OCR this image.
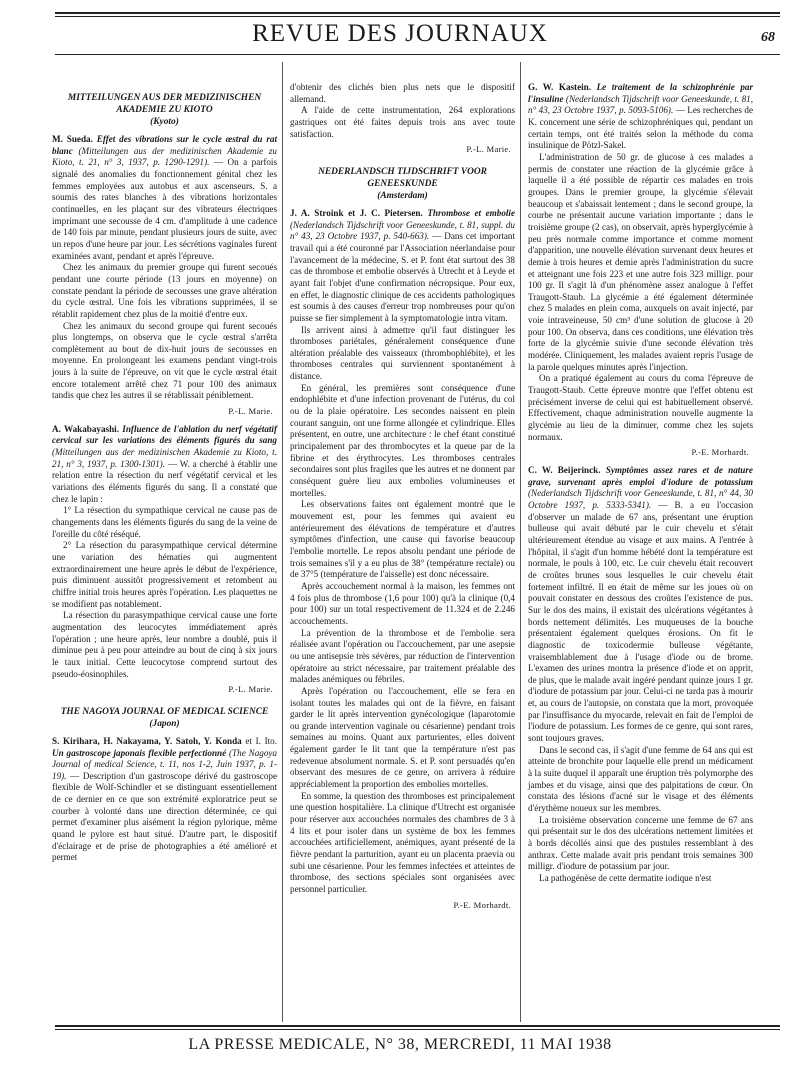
REVUE DES JOURNAUX	68
MITTEILUNGEN AUS DER MEDIZINISCHEN AKADEMIE ZU KIOTO
(Kyoto)

M. Sueda. Effet des vibrations sur le cycle œstral du rat blanc (Mitteilungen aus der medizinischen Akademie zu Kioto, t. 21, n° 3, 1937, p. 1290-1291). — On a parfois signalé des anomalies du fonctionnement génital chez les femmes employées aux autobus et aux ascenseurs. S. a soumis des rates blanches à des vibrations horizontales continuelles, en les plaçant sur des vibrateurs électriques imprimant une secousse de 4 cm. d'amplitude à une cadence de 140 fois par minute, pendant plusieurs jours de suite, avec un repos d'une heure par jour. Les sécrétions vaginales furent examinées avant, pendant et après l'épreuve.

Chez les animaux du premier groupe qui furent secoués pendant une courte période (13 jours en moyenne) on constate pendant la période de secousses une grave altération du cycle œstral. Une fois les vibrations supprimées, il se rétablit rapidement chez plus de la moitié d'entre eux.

Chez les animaux du second groupe qui furent secoués plus longtemps, on observa que le cycle œstral s'arrêta complètement au bout de dix-huit jours de secousses en moyenne. En prolongeant les examens pendant vingt-trois jours à la suite de l'épreuve, on vit que le cycle œstral était encore totalement arrêté chez 71 pour 100 des animaux tandis que chez les autres il se rétablissait péniblement.

P.-L. Marie.

A. Wakabayashi. Influence de l'ablation du nerf végétatif cervical sur les variations des éléments figurés du sang (Mitteilungen aus der medizinischen Akademie zu Kioto, t. 21, n° 3, 1937, p. 1300-1301). — W. a cherché à établir une relation entre la résection du nerf végétatif cervical et les variations des éléments figurés du sang. Il a constaté que chez le lapin :

1° La résection du sympathique cervical ne cause pas de changements dans les éléments figurés du sang de la veine de l'oreille du côté réséqué.

2° La résection du parasympathique cervical détermine une variation des hématies qui augmentent extraordinairement une heure après le début de l'expérience, puis diminuent aussitôt progressivement et retombent au chiffre initial trois heures après l'opération. Les plaquettes ne se modifient pas notablement.

La résection du parasympathique cervical cause une forte augmentation des leucocytes immédiatement après l'opération ; une heure après, leur nombre a doublé, puis il diminue peu à peu pour atteindre au bout de cinq à six jours le taux initial. Cette leucocytose comprend surtout des pseudo-éosinophiles.

P.-L. Marie.
THE NAGOYA JOURNAL OF MEDICAL SCIENCE
(Japon)

S. Kirihara, H. Nakayama, Y. Satoh, Y. Konda et I. Ito. Un gastroscope japonais flexible perfectionné (The Nagoya Journal of medical Science, t. 11, nos 1-2, Juin 1937, p. 1-19). — Description d'un gastroscope dérivé du gastroscope flexible de Wolf-Schindler et se distinguant essentiellement de ce dernier en ce que son extrémité exploratrice peut se courber à volonté dans une direction déterminée, ce qui permet d'examiner plus aisément la région pylorique, même quand le pylore est haut situé. D'autre part, le dispositif d'éclairage et de prise de photographies a été amélioré et permet

d'obtenir des clichés bien plus nets que le dispositif allemand.

A l'aide de cette instrumentation, 264 explorations gastriques ont été faites depuis trois ans avec toute satisfaction.

P.-L. Marie.
NEDERLANDSCH TIJDSCHRIFT VOOR GENEESKUNDE
(Amsterdam)

J. A. Stroink et J. C. Pietersen. Thrombose et embolie (Nederlandsch Tijdschrift voor Geneeskunde, t. 81, suppl. du n° 43, 23 Octobre 1937, p. 540-663). — Dans cet important travail qui a été couronné par l'Association néerlandaise pour l'avancement de la médecine, S. et P. font état surtout des 38 cas de thrombose et embolie observés à Utrecht et à Leyde et ayant fait l'objet d'une confirmation nécropsique. Pour eux, en effet, le diagnostic clinique de ces accidents pathologiques est soumis à des causes d'erreur trop nombreuses pour qu'on puisse se fier simplement à la symptomatologie intra vitam.

Ils arrivent ainsi à admettre qu'il faut distinguer les thromboses pariétales, généralement conséquence d'une altération préalable des vaisseaux (thrombophlébite), et les thromboses centrales qui surviennent spontanément à distance.

En général, les premières sont conséquence d'une endophlébite et d'une infection provenant de l'utérus, du col ou de la plaie opératoire. Les secondes naissent en plein courant sanguin, ont une forme allongée et cylindrique. Elles présentent, en outre, une architecture : le chef étant constitué principalement par des thrombocytes et la queue par de la fibrine et des érythrocytes. Les thromboses centrales secondaires sont plus fragiles que les autres et ne donnent par conséquent guère lieu aux embolies volumineuses et mortelles.

Les observations faites ont également montré que le mouvement est, pour les femmes qui avaient eu antérieurement des élévations de température et d'autres symptômes d'infection, une cause qui favorise beaucoup l'embolie mortelle. Le repos absolu pendant une période de trois semaines s'il y a eu plus de 38° (température rectale) ou de 37°5 (température de l'aisselle) est donc nécessaire.

Après accouchement normal à la maison, les femmes ont 4 fois plus de thrombose (1,6 pour 100) qu'à la clinique (0,4 pour 100) sur un total respectivement de 11.324 et de 2.246 accouchements.

La prévention de la thrombose et de l'embolie sera réalisée avant l'opération ou l'accouchement, par une asepsie ou une antisepsie très sévères, par réduction de l'intervention opératoire au strict nécessaire, par traitement préalable des malades anémiques ou fébriles.

Après l'opération ou l'accouchement, elle se fera en isolant toutes les malades qui ont de la fièvre, en faisant garder le lit après intervention gynécologique (laparotomie ou grande intervention vaginale ou césarienne) pendant trois semaines au moins. Quant aux parturientes, elles doivent également garder le lit tant que la température n'est pas redevenue absolument normale. S. et P. sont persuadés qu'en observant des mesures de ce genre, on arrivera à réduire appréciablement la proportion des embolies mortelles.

En somme, la question des thromboses est principalement une question hospitalière. La clinique d'Utrecht est organisée pour réserver aux accouchées normales des chambres de 3 à 4 lits et pour isoler dans un système de box les femmes accouchées artificiellement, anémiques, ayant présenté de la fièvre pendant la parturition, ayant eu un placenta praevia ou subi une césarienne. Pour les femmes infectées et atteintes de thrombose, des sections spéciales sont organisées avec personnel particulier.

P.-E. Morhardt.

G. W. Kastein. Le traitement de la schizophrénie par l'insuline (Nederlandsch Tijdschrift voor Geneeskunde, t. 81, n° 43, 23 Octobre 1937, p. 5093-5106). — Les recherches de K. concernent une série de schizophréniques qui, pendant un certain temps, ont été traités selon la méthode du coma insulinique de Pötzl-Sakel.

L'administration de 50 gr. de glucose à ces malades a permis de constater une réaction de la glycémie grâce à laquelle il a été possible de répartir ces malades en trois groupes. Dans le premier groupe, la glycémie s'élevait beaucoup et s'abaissait lentement ; dans le second groupe, la courbe ne présentait aucune variation importante ; dans le troisième groupe (2 cas), on observait, après hyperglycémie à peu près normale comme importance et comme moment d'apparition, une nouvelle élévation survenant deux heures et demie à trois heures et demie après l'administration du sucre et atteignant une fois 223 et une autre fois 323 milligr. pour 100 gr. Il s'agit là d'un phénomène assez analogue à l'effet Traugott-Staub. La glycémie a été également déterminée chez 5 malades en plein coma, auxquels on avait injecté, par voie intraveineuse, 50 cm³ d'une solution de glucose à 20 pour 100. On observa, dans ces conditions, une élévation très forte de la glycémie suivie d'une seconde élévation très modérée. Cliniquement, les malades avaient repris l'usage de la parole quelques minutes après l'injection.

On a pratiqué également au cours du coma l'épreuve de Traugott-Staub. Cette épreuve montre que l'effet obtenu est précisément inverse de celui qui est habituellement observé. Effectivement, chaque administration nouvelle augmente la glycémie au lieu de la diminuer, comme chez les sujets normaux.

P.-E. Morhardt.

C. W. Beijerinck. Symptômes assez rares et de nature grave, survenant après emploi d'iodure de potassium (Nederlandsch Tijdschrift voor Geneeskunde, t. 81, n° 44, 30 Octobre 1937, p. 5333-5341). — B. a eu l'occasion d'observer un malade de 67 ans, présentant une éruption bulleuse qui avait débuté par le cuir chevelu et s'était ultérieurement étendue au visage et aux mains. A l'entrée à l'hôpital, il s'agit d'un homme hébété dont la température est normale, le pouls à 100, etc. Le cuir chevelu était recouvert de croûtes brunes sous lesquelles le cuir chevelu était fortement infiltré. Il en était de même sur les joues où on pouvait constater en dessous des croûtes l'existence de pus. Sur le dos des mains, il existait des ulcérations végétantes à bords nettement délimités. Les muqueuses de la bouche présentaient également quelques érosions. On fit le diagnostic de toxicodermie bulleuse végétante, vraisemblablement due à l'usage d'iode ou de brome. L'examen des urines montra la présence d'iode et on apprit, de plus, que le malade avait ingéré pendant quinze jours 1 gr. d'iodure de potassium par jour. Celui-ci ne tarda pas à mourir et, au cours de l'autopsie, on constata que la mort, provoquée par l'insuffisance du myocarde, relevait en fait de l'emploi de l'iodure de potassium. Les formes de ce genre, qui sont rares, sont toujours graves.

Dans le second cas, il s'agit d'une femme de 64 ans qui est atteinte de bronchite pour laquelle elle prend un médicament à la suite duquel il apparaît une éruption très polymorphe des jambes et du visage, ainsi que des palpitations de cœur. On constata des lésions d'acné sur le visage et des éléments d'érythème noueux sur les membres.

La troisième observation concerne une femme de 67 ans qui présentait sur le dos des ulcérations nettement limitées et à bords décollés ainsi que des pustules ressemblant à des anthrax. Cette malade avait pris pendant trois semaines 300 milligr. d'iodure de potassium par jour.

La pathogénèse de cette dermatite iodique n'est

LA PRESSE MEDICALE, N° 38, MERCREDI, 11 MAI 1938
